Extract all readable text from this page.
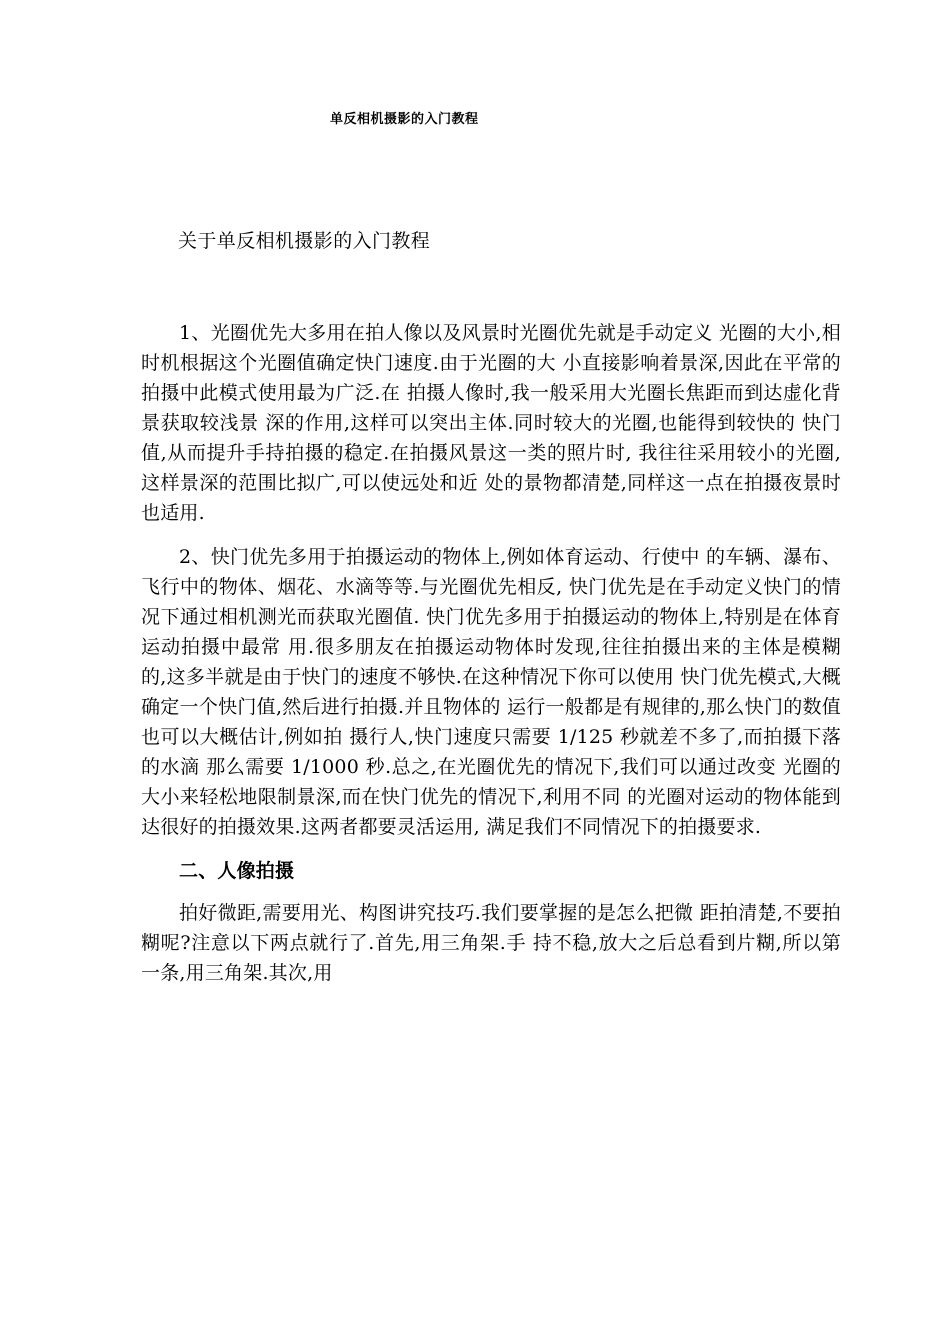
单反相机摄影的入门教程
关于单反相机摄影的入门教程

1、光圈优先大多用在拍人像以及风景时光圈优先就是手动定义 光圈的大小,相时机根据这个光圈值确定快门速度.由于光圈的大 小直接影响着景深,因此在平常的拍摄中此模式使用最为广泛.在 拍摄人像时,我一般采用大光圈长焦距而到达虚化背景获取较浅景 深的作用,这样可以突出主体.同时较大的光圈,也能得到较快的 快门值,从而提升手持拍摄的稳定.在拍摄风景这一类的照片时, 我往往采用较小的光圈,这样景深的范围比拟广,可以使远处和近 处的景物都清楚,同样这一点在拍摄夜景时也适用.

2、快门优先多用于拍摄运动的物体上,例如体育运动、行使中 的车辆、瀑布、飞行中的物体、烟花、水滴等等.与光圈优先相反, 快门优先是在手动定义快门的情况下通过相机测光而获取光圈值. 快门优先多用于拍摄运动的物体上,特别是在体育运动拍摄中最常 用.很多朋友在拍摄运动物体时发现,往往拍摄出来的主体是模糊 的,这多半就是由于快门的速度不够快.在这种情况下你可以使用 快门优先模式,大概确定一个快门值,然后进行拍摄.并且物体的 运行一般都是有规律的,那么快门的数值也可以大概估计,例如拍 摄行人,快门速度只需要 1/125 秒就差不多了,而拍摄下落的水滴 那么需要 1/1000 秒.总之,在光圈优先的情况下,我们可以通过改变 光圈的大小来轻松地限制景深,而在快门优先的情况下,利用不同 的光圈对运动的物体能到达很好的拍摄效果.这两者都要灵活运用, 满足我们不同情况下的拍摄要求.

二、人像拍摄

拍好微距,需要用光、构图讲究技巧.我们要掌握的是怎么把微 距拍清楚,不要拍糊呢?注意以下两点就行了.首先,用三角架.手 持不稳,放大之后总看到片糊,所以第一条,用三角架.其次,用
